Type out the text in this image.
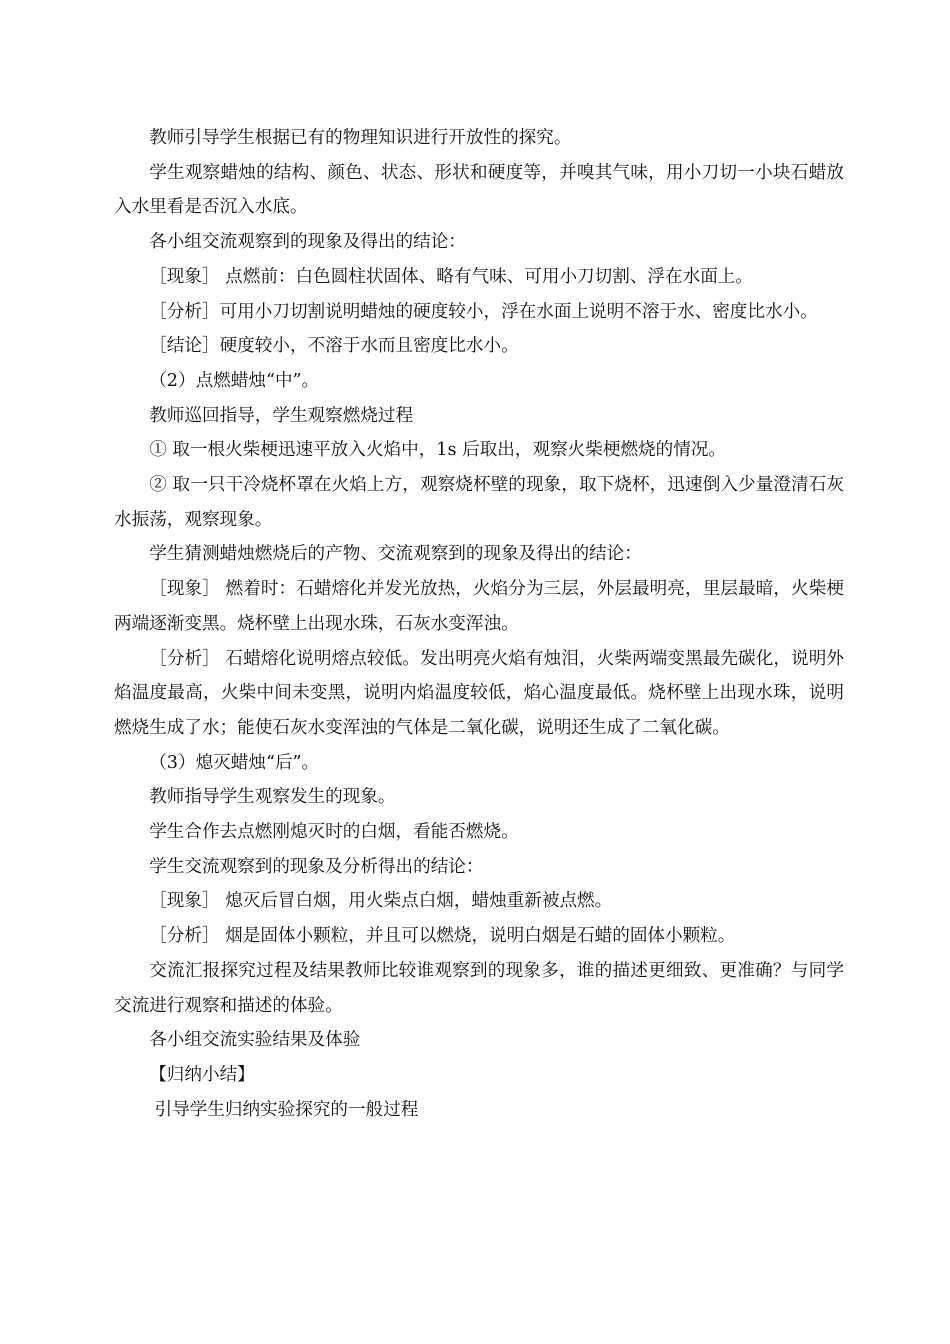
教师引导学生根据已有的物理知识进行开放性的探究。

学生观察蜡烛的结构、颜色、状态、形状和硬度等，并嗅其气味，用小刀切一小块石蜡放入水里看是否沉入水底。

各小组交流观察到的现象及得出的结论：

［现象］ 点燃前：白色圆柱状固体、略有气味、可用小刀切割、浮在水面上。

［分析］可用小刀切割说明蜡烛的硬度较小，浮在水面上说明不溶于水、密度比水小。

［结论］硬度较小，不溶于水而且密度比水小。

（2）点燃蜡烛“中”。

教师巡回指导，学生观察燃烧过程

① 取一根火柴梗迅速平放入火焰中，1s 后取出，观察火柴梗燃烧的情况。

② 取一只干冷烧杯罩在火焰上方，观察烧杯壁的现象，取下烧杯，迅速倒入少量澄清石灰水振荡，观察现象。

学生猜测蜡烛燃烧后的产物、交流观察到的现象及得出的结论：

［现象］ 燃着时：石蜡熔化并发光放热，火焰分为三层，外层最明亮，里层最暗，火柴梗两端逐渐变黑。烧杯壁上出现水珠，石灰水变浑浊。

［分析］ 石蜡熔化说明熔点较低。发出明亮火焰有烛泪，火柴两端变黑最先碳化，说明外焰温度最高，火柴中间未变黑，说明内焰温度较低，焰心温度最低。烧杯壁上出现水珠，说明燃烧生成了水；能使石灰水变浑浊的气体是二氧化碳，说明还生成了二氧化碳。

（3）熄灭蜡烛“后”。

教师指导学生观察发生的现象。

学生合作去点燃刚熄灭时的白烟，看能否燃烧。

学生交流观察到的现象及分析得出的结论：

［现象］ 熄灭后冒白烟，用火柴点白烟，蜡烛重新被点燃。

［分析］ 烟是固体小颗粒，并且可以燃烧，说明白烟是石蜡的固体小颗粒。

交流汇报探究过程及结果教师比较谁观察到的现象多，谁的描述更细致、更准确？与同学交流进行观察和描述的体验。

各小组交流实验结果及体验

【归纳小结】

引导学生归纳实验探究的一般过程
